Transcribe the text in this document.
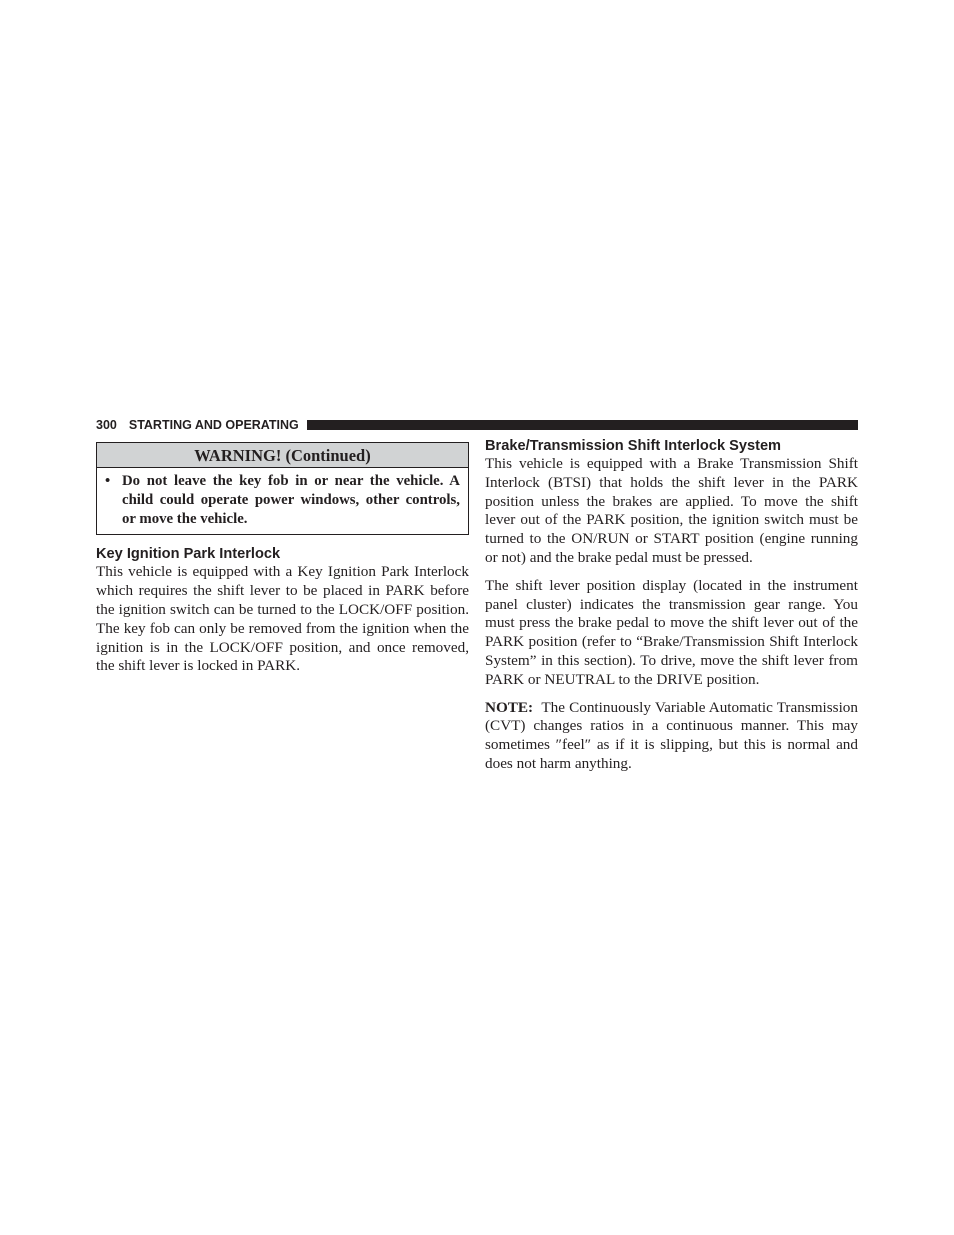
300 STARTING AND OPERATING
WARNING! (Continued)
• Do not leave the key fob in or near the vehicle. A child could operate power windows, other controls, or move the vehicle.
Key Ignition Park Interlock

This vehicle is equipped with a Key Ignition Park Interlock which requires the shift lever to be placed in PARK before the ignition switch can be turned to the LOCK/OFF position. The key fob can only be removed from the ignition when the ignition is in the LOCK/OFF position, and once removed, the shift lever is locked in PARK.

Brake/Transmission Shift Interlock System

This vehicle is equipped with a Brake Transmission Shift Interlock (BTSI) that holds the shift lever in the PARK position unless the brakes are applied. To move the shift lever out of the PARK position, the ignition switch must be turned to the ON/RUN or START position (engine running or not) and the brake pedal must be pressed.

The shift lever position display (located in the instrument panel cluster) indicates the transmission gear range. You must press the brake pedal to move the shift lever out of the PARK position (refer to “Brake/Transmission Shift Interlock System” in this section). To drive, move the shift lever from PARK or NEUTRAL to the DRIVE position.

NOTE: The Continuously Variable Automatic Transmission (CVT) changes ratios in a continuous manner. This may sometimes ″feel″ as if it is slipping, but this is normal and does not harm anything.
